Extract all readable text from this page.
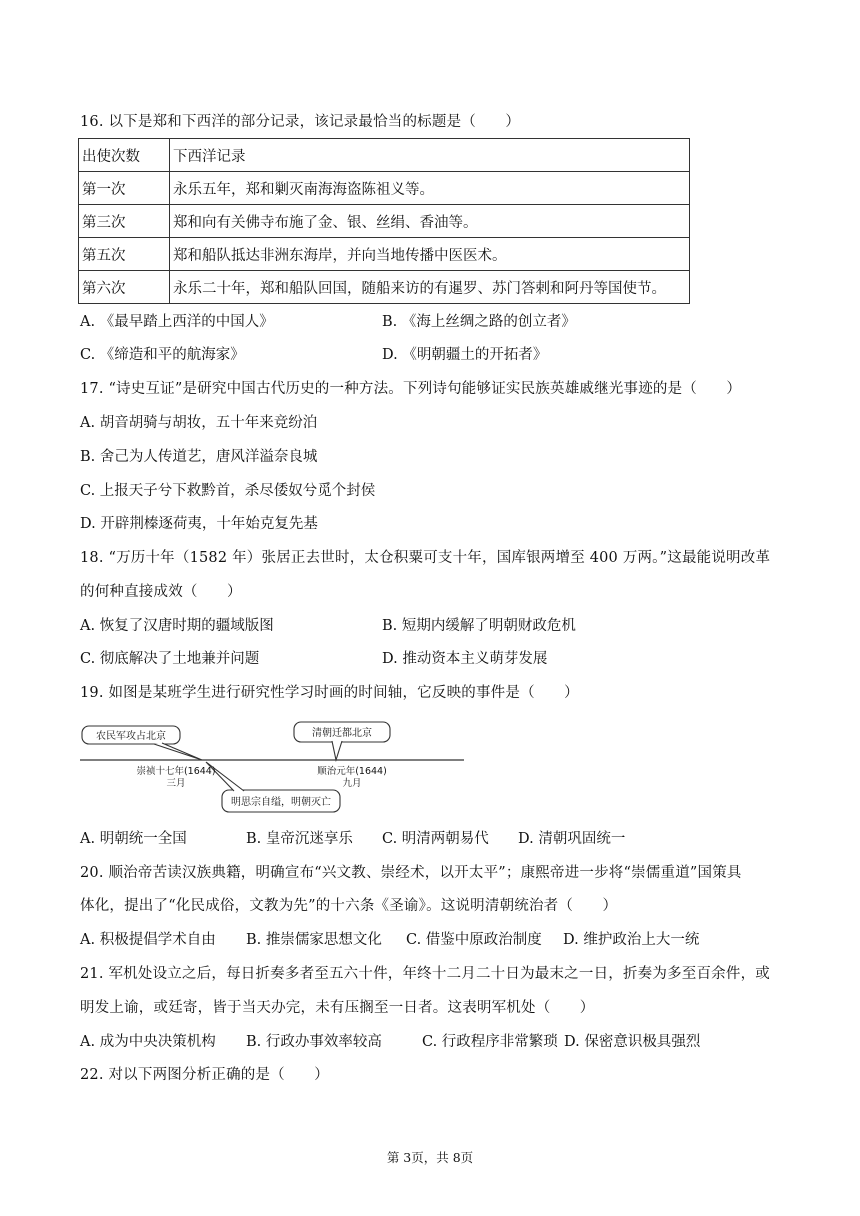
16. 以下是郑和下西洋的部分记录，该记录最恰当的标题是（　　）
出使次数	下西洋记录
第一次	永乐五年，郑和剿灭南海海盗陈祖义等。
第三次	郑和向有关佛寺布施了金、银、丝绢、香油等。
第五次	郑和船队抵达非洲东海岸，并向当地传播中医医术。
第六次	永乐二十年，郑和船队回国，随船来访的有暹罗、苏门答剌和阿丹等国使节。
A. 《最早踏上西洋的中国人》	B. 《海上丝绸之路的创立者》
C. 《缔造和平的航海家》	D. 《明朝疆土的开拓者》
17. “诗史互证”是研究中国古代历史的一种方法。下列诗句能够证实民族英雄戚继光事迹的是（　　）
A. 胡音胡骑与胡妆，五十年来竞纷泊
B. 舍己为人传道艺，唐风洋溢奈良城
C. 上报天子兮下救黔首，杀尽倭奴兮觅个封侯
D. 开辟荆榛逐荷夷，十年始克复先基
18. “万历十年（1582 年）张居正去世时，太仓积粟可支十年，国库银两增至 400 万两。”这最能说明改革
的何种直接成效（　　）
A. 恢复了汉唐时期的疆域版图	B. 短期内缓解了明朝财政危机
C. 彻底解决了土地兼并问题	D. 推动资本主义萌芽发展
19. 如图是某班学生进行研究性学习时画的时间轴，它反映的事件是（　　）
农民军攻占北京	清朝迁都北京
明思宗自缢，明朝灭亡
崇祯十七年(1644)
三月
顺治元年(1644)
九月
A. 明朝统一全国	B. 皇帝沉迷享乐 C. 明清两朝易代 D. 清朝巩固统一
20. 顺治帝苦读汉族典籍，明确宣布“兴文教、崇经术，以开太平”；康熙帝进一步将“崇儒重道”国策具
体化，提出了“化民成俗，文教为先”的十六条《圣谕》。这说明清朝统治者（　　）
A. 积极提倡学术自由 B. 推崇儒家思想文化 C. 借鉴中原政治制度 D. 维护政治上大一统
21. 军机处设立之后，每日折奏多者至五六十件，年终十二月二十日为最末之一日，折奏为多至百余件，或
明发上谕，或廷寄，皆于当天办完，未有压搁至一日者。这表明军机处（　　）
A. 成为中央决策机构 B. 行政办事效率较高	C. 行政程序非常繁琐 D. 保密意识极具强烈
22. 对以下两图分析正确的是（　　）
第 3页，共 8页
